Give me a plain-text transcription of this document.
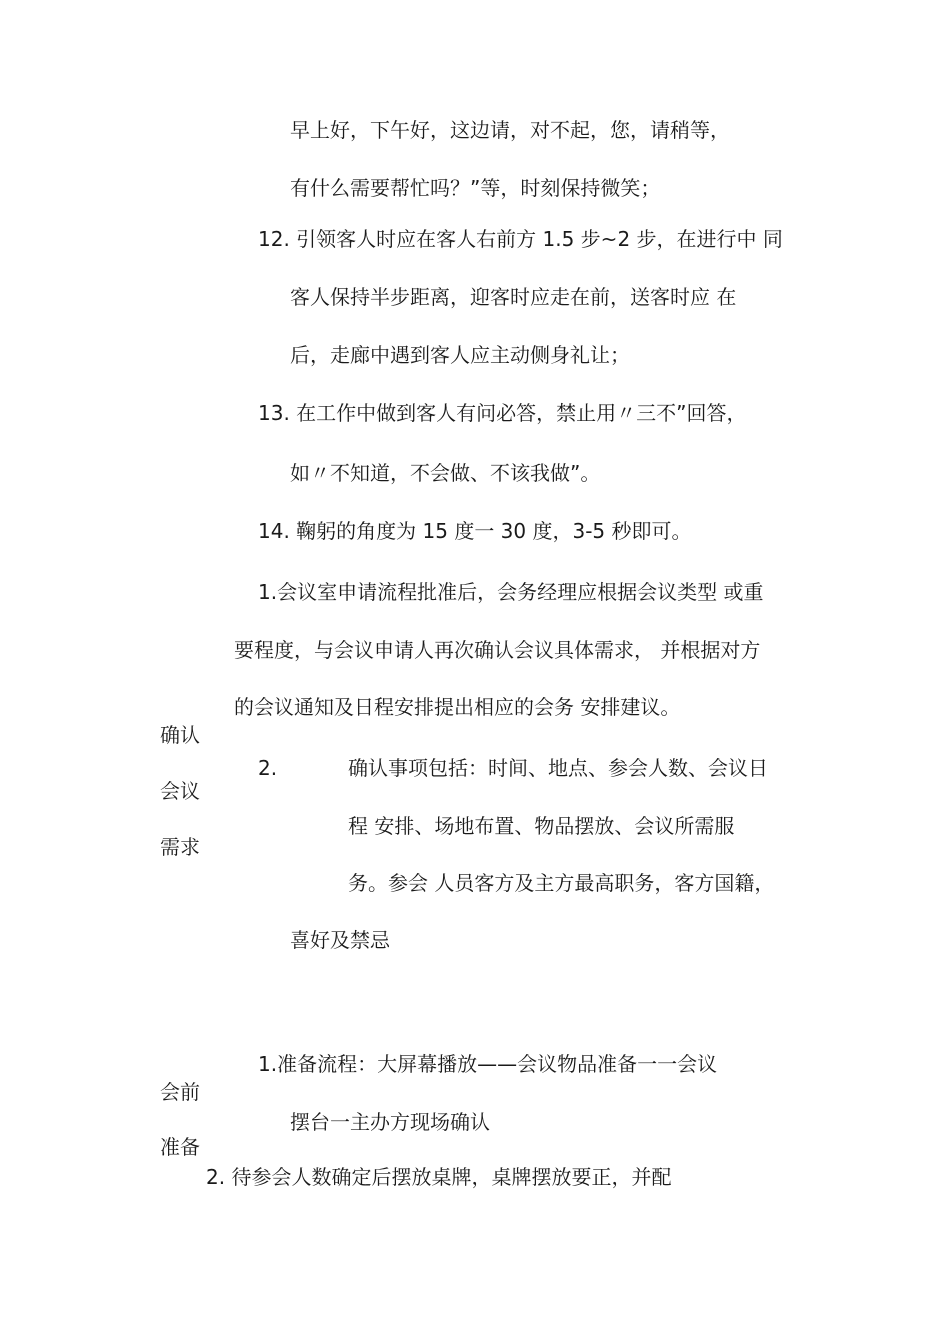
早上好，下午好，这边请，对不起，您，请稍等，
有什么需要帮忙吗？”等，时刻保持微笑；
12. 引领客人时应在客人右前方 1.5 步~2 步，在进行中 同
客人保持半步距离，迎客时应走在前，送客时应 在
后，走廊中遇到客人应主动侧身礼让；
13. 在工作中做到客人有问必答，禁止用〃三不”回答，
如〃不知道，不会做、不该我做”。
14. 鞠躬的角度为 15 度一 30 度，3-5 秒即可。
1.会议室申请流程批准后，会务经理应根据会议类型 或重
要程度，与会议申请人再次确认会议具体需求， 并根据对方
的会议通知及日程安排提出相应的会务 安排建议。
确认
会议
需求
2.	确认事项包括：时间、地点、参会人数、会议日
程 安排、场地布置、物品摆放、会议所需服
务。参会 人员客方及主方最高职务，客方国籍，
喜好及禁忌
1.准备流程：大屏幕播放——会议物品准备一一会议
会前
摆台一主办方现场确认
准备
2. 待参会人数确定后摆放桌牌，桌牌摆放要正，并配
